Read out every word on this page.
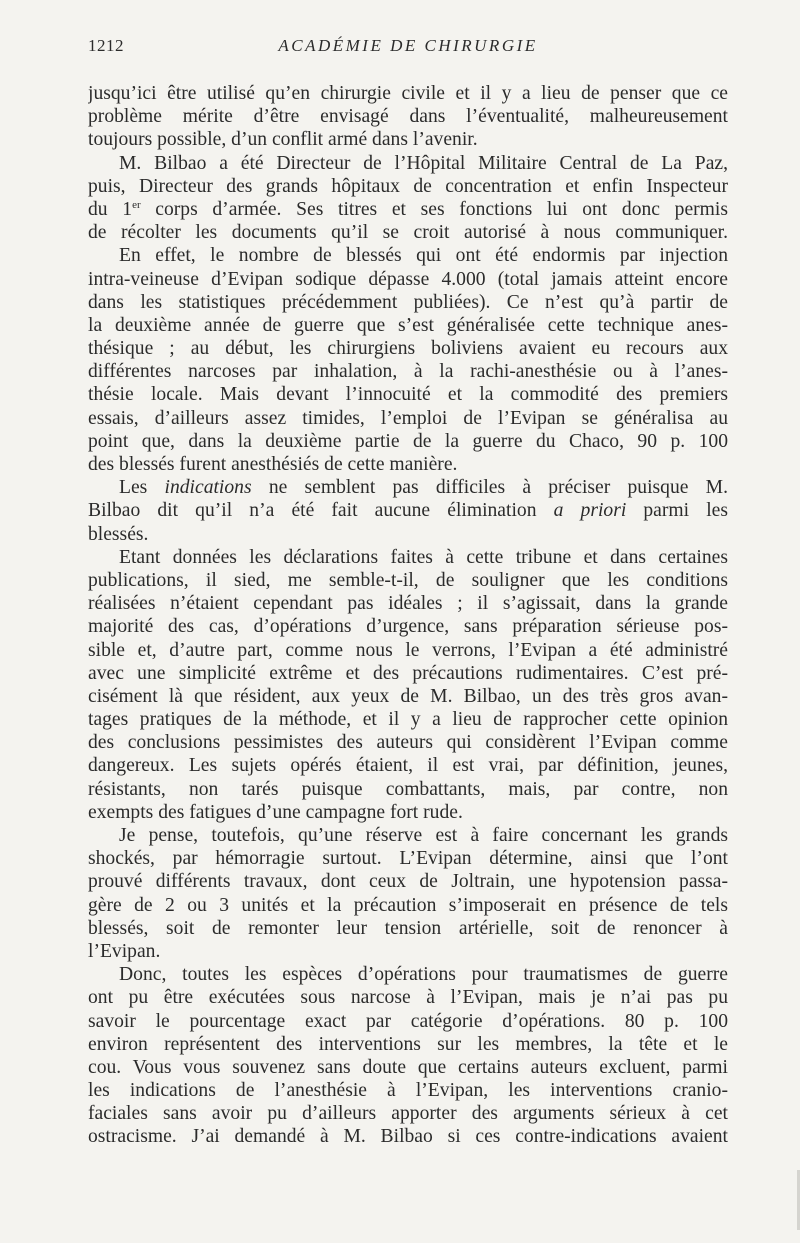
1212	ACADÉMIE DE CHIRURGIE
jusqu’ici être utilisé qu’en chirurgie civile et il y a lieu de penser que ce
problème mérite d’être envisagé dans l’éventualité, malheureusement
toujours possible, d’un conflit armé dans l’avenir.
M. Bilbao a été Directeur de l’Hôpital Militaire Central de La Paz,
puis, Directeur des grands hôpitaux de concentration et enfin Inspecteur
du 1er corps d’armée. Ses titres et ses fonctions lui ont donc permis
de récolter les documents qu’il se croit autorisé à nous communiquer.
En effet, le nombre de blessés qui ont été endormis par injection
intra-veineuse d’Evipan sodique dépasse 4.000 (total jamais atteint encore
dans les statistiques précédemment publiées). Ce n’est qu’à partir de
la deuxième année de guerre que s’est généralisée cette technique anes-
thésique ; au début, les chirurgiens boliviens avaient eu recours aux
différentes narcoses par inhalation, à la rachi-anesthésie ou à l’anes-
thésie locale. Mais devant l’innocuité et la commodité des premiers
essais, d’ailleurs assez timides, l’emploi de l’Evipan se généralisa au
point que, dans la deuxième partie de la guerre du Chaco, 90 p. 100
des blessés furent anesthésiés de cette manière.
Les indications ne semblent pas difficiles à préciser puisque M.
Bilbao dit qu’il n’a été fait aucune élimination a priori parmi les
blessés.
Etant données les déclarations faites à cette tribune et dans certaines
publications, il sied, me semble-t-il, de souligner que les conditions
réalisées n’étaient cependant pas idéales ; il s’agissait, dans la grande
majorité des cas, d’opérations d’urgence, sans préparation sérieuse pos-
sible et, d’autre part, comme nous le verrons, l’Evipan a été administré
avec une simplicité extrême et des précautions rudimentaires. C’est pré-
cisément là que résident, aux yeux de M. Bilbao, un des très gros avan-
tages pratiques de la méthode, et il y a lieu de rapprocher cette opinion
des conclusions pessimistes des auteurs qui considèrent l’Evipan comme
dangereux. Les sujets opérés étaient, il est vrai, par définition, jeunes,
résistants, non tarés puisque combattants, mais, par contre, non
exempts des fatigues d’une campagne fort rude.
Je pense, toutefois, qu’une réserve est à faire concernant les grands
shockés, par hémorragie surtout. L’Evipan détermine, ainsi que l’ont
prouvé différents travaux, dont ceux de Joltrain, une hypotension passa-
gère de 2 ou 3 unités et la précaution s’imposerait en présence de tels
blessés, soit de remonter leur tension artérielle, soit de renoncer à
l’Evipan.
Donc, toutes les espèces d’opérations pour traumatismes de guerre
ont pu être exécutées sous narcose à l’Evipan, mais je n’ai pas pu
savoir le pourcentage exact par catégorie d’opérations. 80 p. 100
environ représentent des interventions sur les membres, la tête et le
cou. Vous vous souvenez sans doute que certains auteurs excluent, parmi
les indications de l’anesthésie à l’Evipan, les interventions cranio-
faciales sans avoir pu d’ailleurs apporter des arguments sérieux à cet
ostracisme. J’ai demandé à M. Bilbao si ces contre-indications avaient
